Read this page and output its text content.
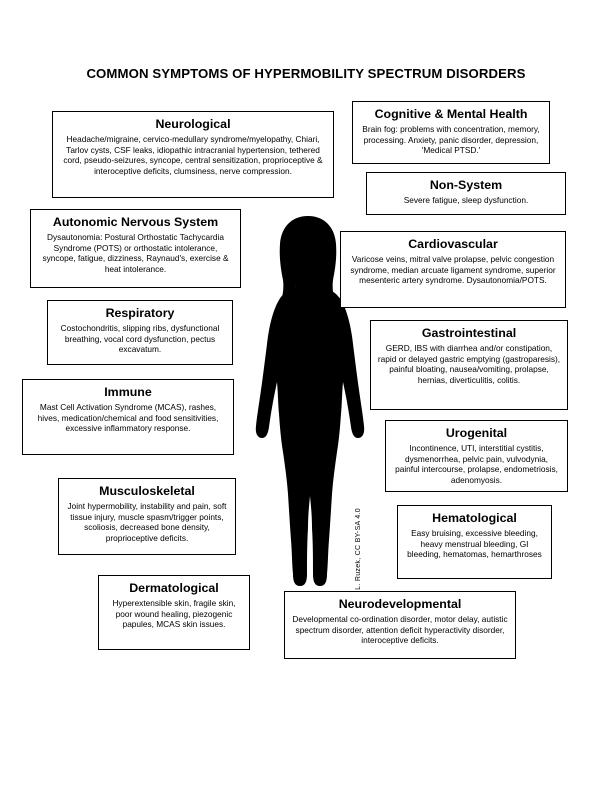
COMMON SYMPTOMS OF HYPERMOBILITY SPECTRUM DISORDERS
L. Ruzek, CC BY-SA 4.0
Neurological

Headache/migraine, cervico-medullary syndrome/myelopathy, Chiari, Tarlov cysts, CSF leaks, idiopathic intracranial hypertension, tethered cord, pseudo-seizures, syncope, central sensitization, proprioceptive & interoceptive deficits, clumsiness, nerve compression.

Cognitive & Mental Health

Brain fog: problems with concentration, memory, processing. Anxiety, panic disorder, depression, 'Medical PTSD.'

Non-System

Severe fatigue, sleep dysfunction.

Autonomic Nervous System

Dysautonomia: Postural Orthostatic Tachycardia Syndrome (POTS) or orthostatic intolerance, syncope, fatigue, dizziness, Raynaud's, exercise & heat intolerance.

Cardiovascular

Varicose veins, mitral valve prolapse, pelvic congestion syndrome, median arcuate ligament syndrome, superior mesenteric artery syndrome. Dysautonomia/POTS.

Respiratory

Costochondritis, slipping ribs, dysfunctional breathing, vocal cord dysfunction, pectus excavatum.

Gastrointestinal

GERD, IBS with diarrhea and/or constipation, rapid or delayed gastric emptying (gastroparesis), painful bloating, nausea/vomiting, prolapse, hernias, diverticulitis, colitis.

Immune

Mast Cell Activation Syndrome (MCAS), rashes, hives, medication/chemical and food sensitivities, excessive inflammatory response.	Urogenital

Incontinence, UTI, interstitial cystitis, dysmenorrhea, pelvic pain, vulvodynia, painful intercourse, prolapse, endometriosis, adenomyosis.

Musculoskeletal

Joint hypermobility, instability and pain, soft tissue injury, muscle spasm/trigger points, scoliosis, decreased bone density, proprioceptive deficits.

Hematological

Easy bruising, excessive bleeding, heavy menstrual bleeding, GI bleeding, hematomas, hemarthroses

Dermatological

Hyperextensible skin, fragile skin, poor wound healing, piezogenic papules, MCAS skin issues.

Neurodevelopmental

Developmental co-ordination disorder, motor delay, autistic spectrum disorder, attention deficit hyperactivity disorder, interoceptive deficits.
